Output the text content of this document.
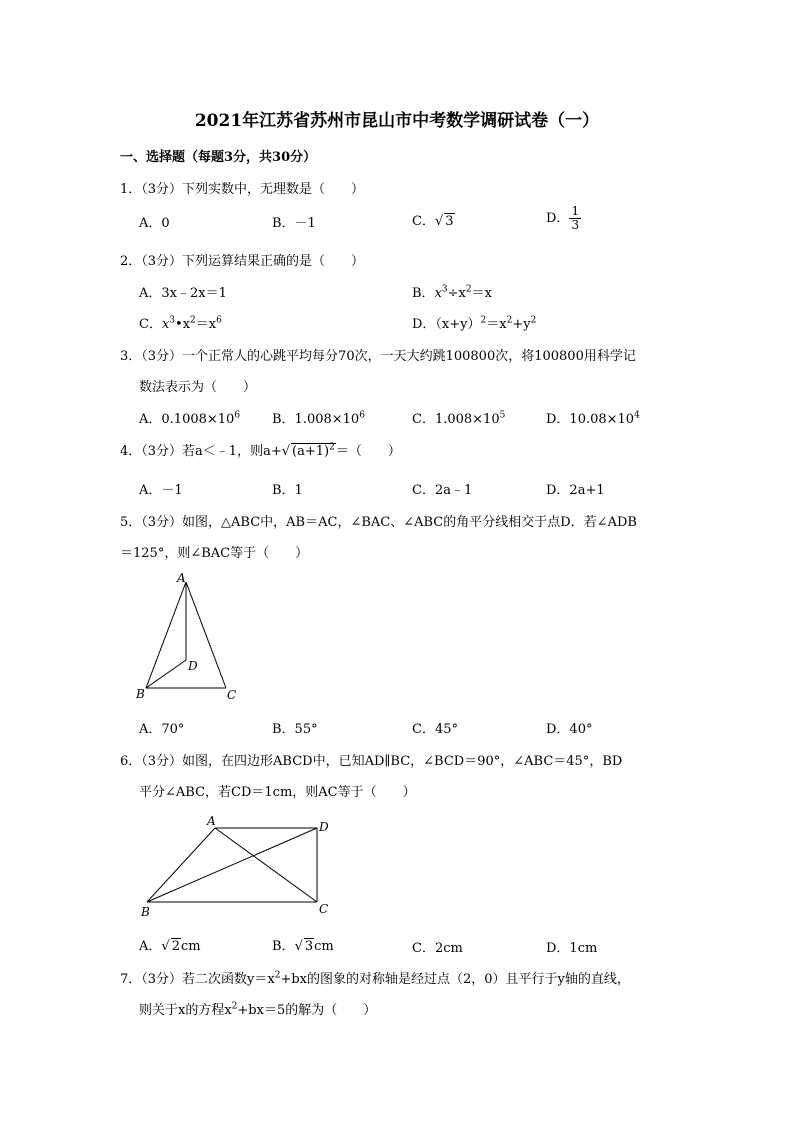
2021年江苏省苏州市昆山市中考数学调研试卷（一）
一、选择题（每题3分，共30分）
1．（3分）下列实数中，无理数是（　　）
A．0	B．－1	C．√ 3	D． $\frac{1}{3}$
2．（3分）下列运算结果正确的是（　　）
A．3x﹣2x＝1	B．$x^3\div x^2=x$
C．$x^3•x^2=x^6$	D．$(x+y)^2=x^2+y^2$
3．（3分）一个正常人的心跳平均每分70次，一天大约跳100800次，将100800用科学记
数法表示为（　　）
A．$0.1008\times 10^6$ B．$1.008\times 10^6$	C．$1.008\times 10^5$	D．$10.08\times 10^4$
4．（3分）若a＜﹣1，则a+√ $(a+1)^2=$（　　）
A．－1	B．1	C．2a﹣1	D．2a+1
5．（3分）如图，△ABC中，AB＝AC，∠BAC、∠ABC的角平分线相交于点D．若∠ADB
＝125°，则∠BAC等于（　　）
A
B	C
D
A．70°	B．55°	C．45°	D．40°
6．（3分）如图，在四边形ABCD中，已知AD∥BC，∠BCD＝90°，∠ABC＝45°，BD
平分∠ABC，若CD＝1cm，则AC等于（　　）
A	D
B	C
A．√ 2cm	B．√ 3cm	C．2cm	D．1cm
7．（3分）若二次函数$y=x^2+bx$的图象的对称轴是经过点（2，0）且平行于y轴的直线，
则关于x的方程$x^2+bx=5$的解为（　　）
